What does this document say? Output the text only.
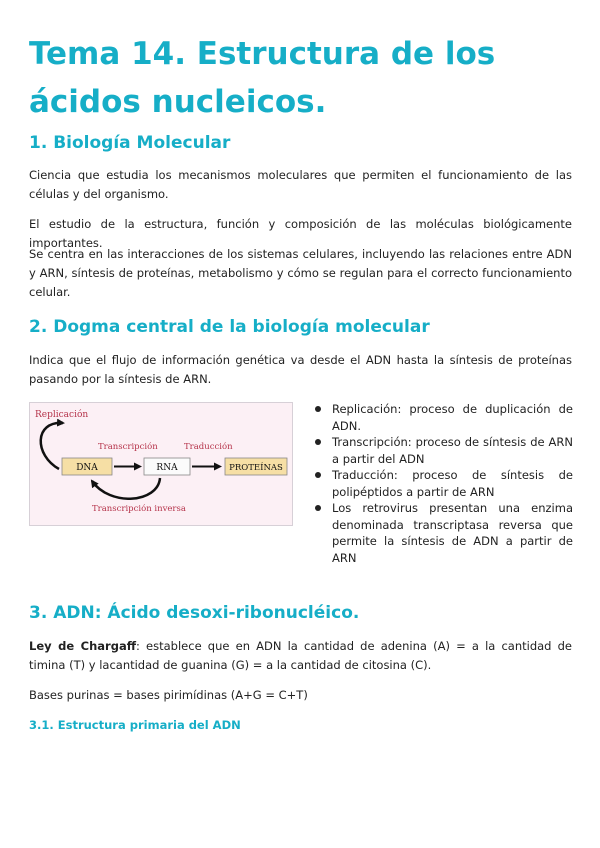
Tema 14. Estructura de los ácidos nucleicos.
1. Biología Molecular

Ciencia que estudia los mecanismos moleculares que permiten el funcionamiento de las células y del organismo.

El estudio de la estructura, función y composición de las moléculas biológicamente importantes.

Se centra en las interacciones de los sistemas celulares, incluyendo las relaciones entre ADN y ARN, síntesis de proteínas, metabolismo y cómo se regulan para el correcto funcionamiento celular.

2. Dogma central de la biología molecular

Indica que el flujo de información genética va desde el ADN hasta la síntesis de proteínas pasando por la síntesis de ARN.

Replicación
Transcripción	Traducción
DNA	RNA	PROTEÍNAS
Transcripción inversa
Replicación: proceso de duplicación de ADN.
Transcripción: proceso de síntesis de ARN a partir del ADN
Traducción: proceso de síntesis de polipéptidos a partir de ARN
Los retrovirus presentan una enzima denominada transcriptasa reversa que permite la síntesis de ADN a partir de ARN
3. ADN: Ácido desoxi-ribonucléico.

Ley de Chargaff: establece que en ADN la cantidad de adenina (A) = a la cantidad de timina (T) y lacantidad de guanina (G) = a la cantidad de citosina (C).

Bases purinas = bases pirimídinas (A+G = C+T)

3.1. Estructura primaria del ADN
